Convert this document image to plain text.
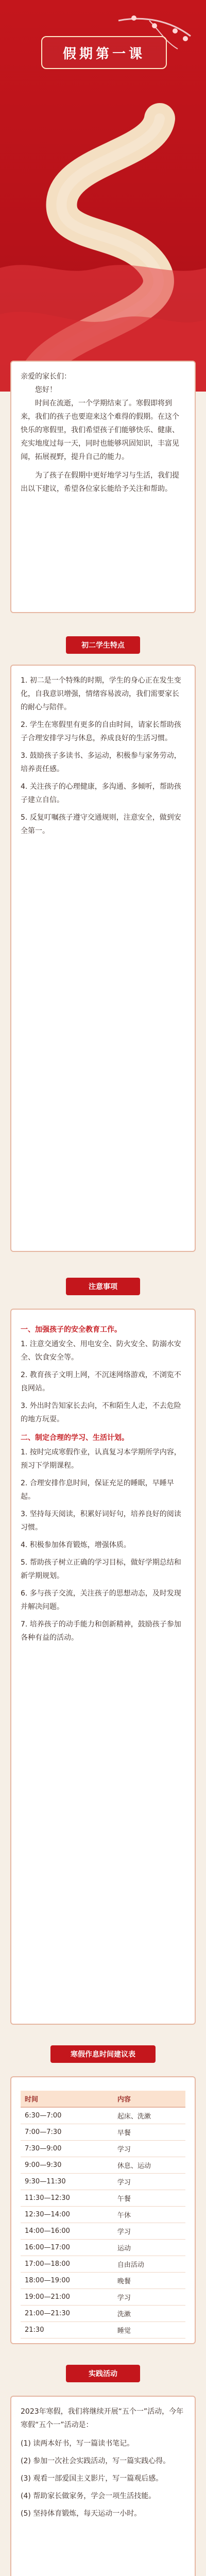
假期第一课
亲爱的家长们：
您好！

时间在流逝，一个学期结束了。寒假即将到来，我们的孩子也要迎来这个难得的假期。在这个快乐的寒假里，我们希望孩子们能够快乐、健康、充实地度过每一天，同时也能够巩固知识，丰富见闻，拓展视野，提升自己的能力。

为了孩子在假期中更好地学习与生活，我们提出以下建议，希望各位家长能给予关注和帮助。

初二学生特点

1. 初二是一个特殊的时期，学生的身心正在发生变化，自我意识增强，情绪容易波动，我们需要家长的耐心与陪伴。

2. 学生在寒假里有更多的自由时间，请家长帮助孩子合理安排学习与休息，养成良好的生活习惯。

3. 鼓励孩子多读书、多运动，积极参与家务劳动，培养责任感。

4. 关注孩子的心理健康，多沟通、多倾听，帮助孩子建立自信。

5. 反复叮嘱孩子遵守交通规则，注意安全，做到安全第一。

注意事项
一、加强孩子的安全教育工作。

1. 注意交通安全、用电安全、防火安全、防溺水安全、饮食安全等。

2. 教育孩子文明上网，不沉迷网络游戏，不浏览不良网站。

3. 外出时告知家长去向，不和陌生人走，不去危险的地方玩耍。

二、制定合理的学习、生活计划。

1. 按时完成寒假作业，认真复习本学期所学内容，预习下学期课程。

2. 合理安排作息时间，保证充足的睡眠，早睡早起。

3. 坚持每天阅读，积累好词好句，培养良好的阅读习惯。

4. 积极参加体育锻炼，增强体质。

5. 帮助孩子树立正确的学习目标，做好学期总结和新学期规划。

6. 多与孩子交流，关注孩子的思想动态，及时发现并解决问题。

7. 培养孩子的动手能力和创新精神，鼓励孩子参加各种有益的活动。

寒假作息时间建议表
时间	内容
6:30—7:00	起床、洗漱
7:00—7:30	早餐
7:30—9:00	学习
9:00—9:30	休息、运动
9:30—11:30	学习
11:30—12:30	午餐
12:30—14:00	午休
14:00—16:00	学习
16:00—17:00	运动
17:00—18:00	自由活动
18:00—19:00	晚餐
19:00—21:00	学习
21:00—21:30	洗漱
21:30	睡觉
实践活动

2023年寒假，我们将继续开展“五个一”活动，今年寒假“五个一”活动是：

(1) 读两本好书，写一篇读书笔记。

(2) 参加一次社会实践活动，写一篇实践心得。

(3) 观看一部爱国主义影片，写一篇观后感。

(4) 帮助家长做家务，学会一项生活技能。

(5) 坚持体育锻炼，每天运动一小时。
